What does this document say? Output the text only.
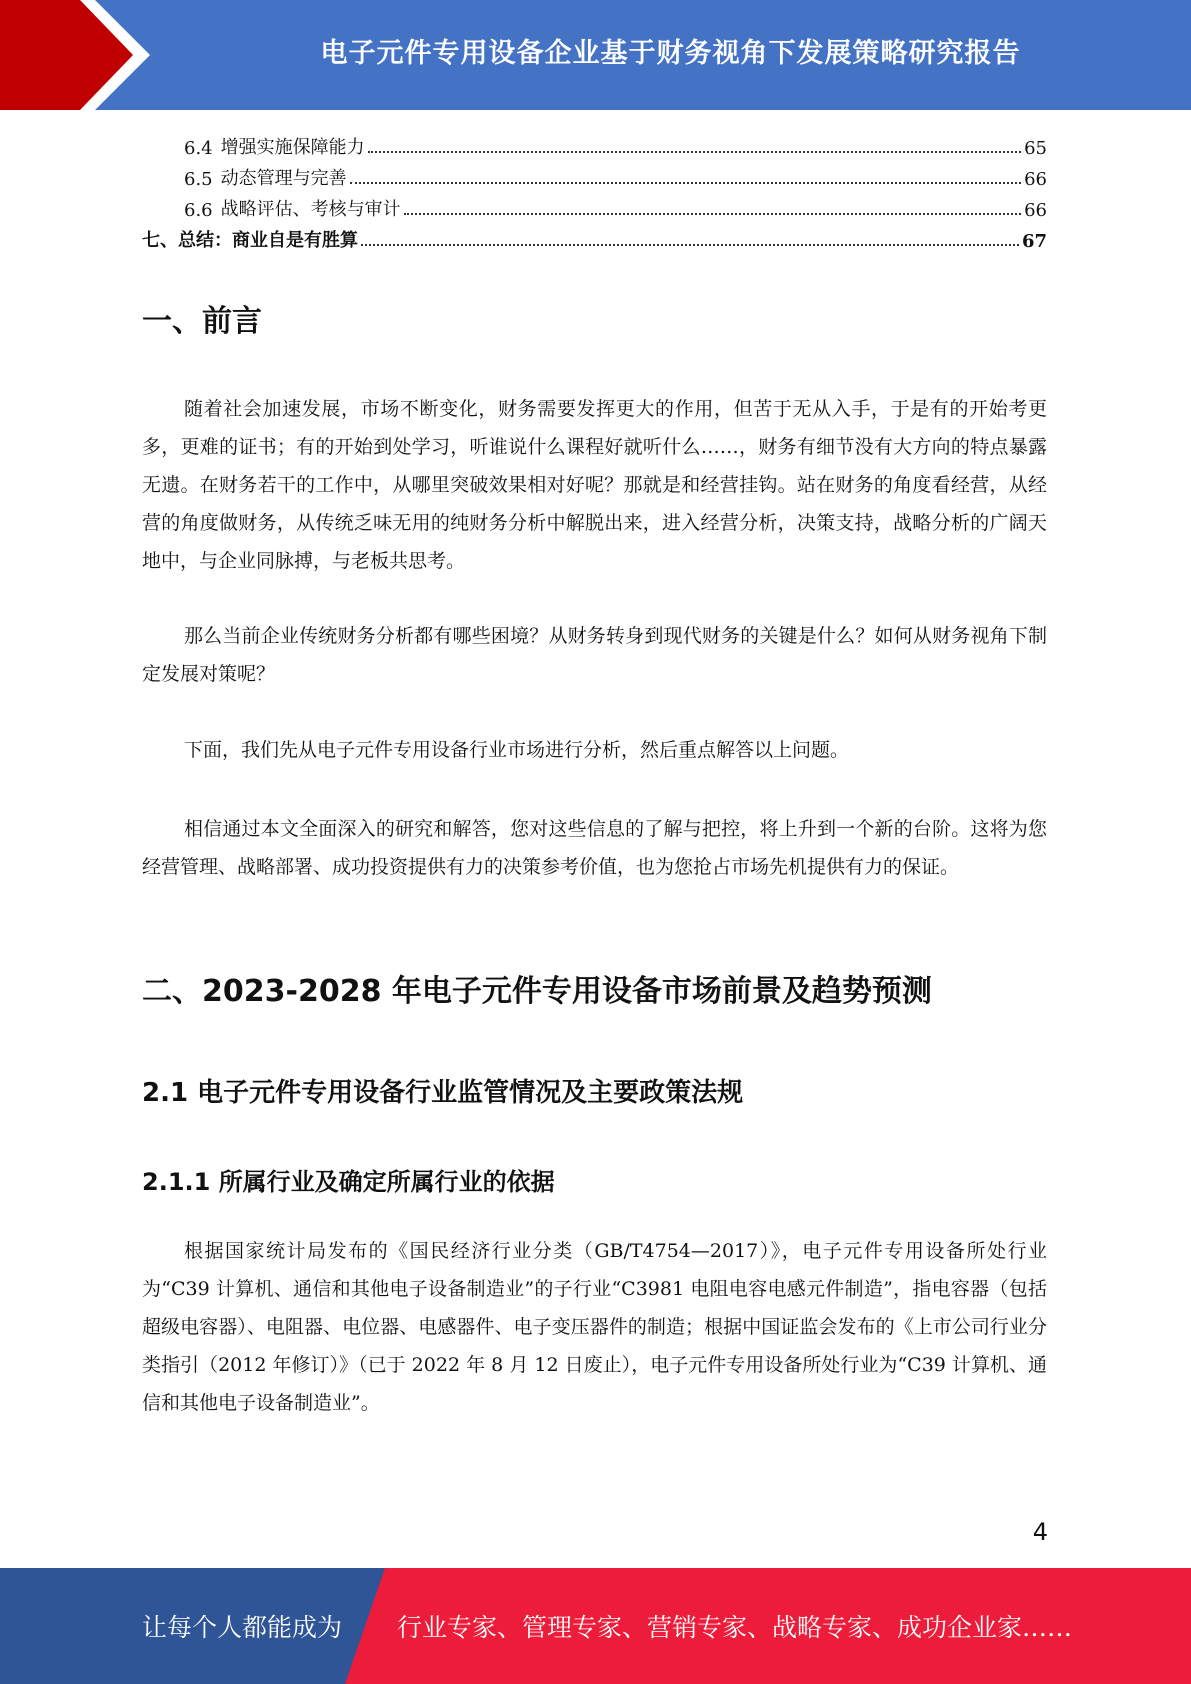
电子元件专用设备企业基于财务视角下发展策略研究报告
6.4 增强实施保障能力	65
6.5 动态管理与完善	66
6.6 战略评估、考核与审计	66
七、总结：商业自是有胜算	67
一、前言
随着社会加速发展，市场不断变化，财务需要发挥更大的作用，但苦于无从入手，于是有的开始考更多，更难的证书；有的开始到处学习，听谁说什么课程好就听什么……，财务有细节没有大方向的特点暴露无遗。在财务若干的工作中，从哪里突破效果相对好呢？那就是和经营挂钩。站在财务的角度看经营，从经营的角度做财务，从传统乏味无用的纯财务分析中解脱出来，进入经营分析，决策支持，战略分析的广阔天地中，与企业同脉搏，与老板共思考。
那么当前企业传统财务分析都有哪些困境？从财务转身到现代财务的关键是什么？如何从财务视角下制定发展对策呢？
下面，我们先从电子元件专用设备行业市场进行分析，然后重点解答以上问题。
相信通过本文全面深入的研究和解答，您对这些信息的了解与把控，将上升到一个新的台阶。这将为您经营管理、战略部署、成功投资提供有力的决策参考价值，也为您抢占市场先机提供有力的保证。
二、2023-2028 年电子元件专用设备市场前景及趋势预测
2.1 电子元件专用设备行业监管情况及主要政策法规
2.1.1 所属行业及确定所属行业的依据
根据国家统计局发布的《国民经济行业分类（GB/T4754—2017）》，电子元件专用设备所处行业为“C39 计算机、通信和其他电子设备制造业”的子行业“C3981 电阻电容电感元件制造”，指电容器（包括超级电容器）、电阻器、电位器、电感器件、电子变压器件的制造；根据中国证监会发布的《上市公司行业分类指引（2012 年修订）》（已于 2022 年 8 月 12 日废止），电子元件专用设备所处行业为“C39 计算机、通信和其他电子设备制造业”。
4
让每个人都能成为 行业专家、管理专家、营销专家、战略专家、成功企业家……
